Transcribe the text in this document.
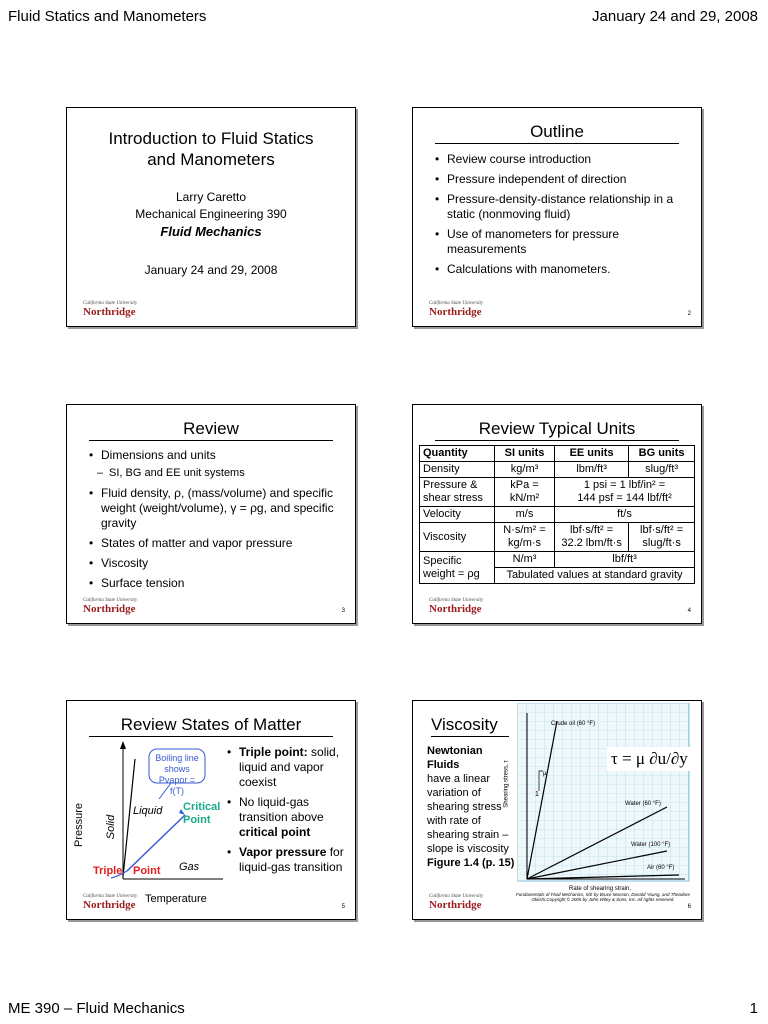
Fluid Statics and Manometers	January 24 and 29, 2008
Introduction to Fluid Statics
and Manometers
Larry Caretto
Mechanical Engineering 390
Fluid Mechanics
January 24 and 29, 2008
California State University
Northridge
Outline
• Review course introduction
• Pressure independent of direction
• Pressure-density-distance relationship in a static (nonmoving fluid)
• Use of manometers for pressure measurements
• Calculations with manometers.
California State University
Northridge	2
Review
• Dimensions and units
– SI, BG and EE unit systems
• Fluid density, ρ, (mass/volume) and specific weight (weight/volume), γ = ρg, and specific gravity
• States of matter and vapor pressure
• Viscosity
• Surface tension
California State University
Northridge	3
Review Typical Units
Quantity	SI units	EE units	BG units
Density	kg/m³	lbm/ft³	slug/ft³
Pressure & shear stress	kPa = kN/m²	1 psi = 1 lbf/in² =
144 psf = 144 lbf/ft²	

Velocity	m/s	ft/s	
Viscosity	N·s/m² = kg/m·s	lbf·s/ft² = 32.2 lbm/ft·s	lbf·s/ft² = slug/ft·s
Specific weight = ρg	N/m³	lbf/ft³	
	Tabulated values at standard gravity		
California State University
Northridge	4
Review States of Matter
Boiling line shows Pvapor = f(T)
Liquid
Solid
Critical Point
Triple Point Gas
Temperature
Pressure
• Triple point: solid, liquid and vapor coexist
• No liquid-gas transition above critical point
• Vapor pressure for liquid-gas transition
California State University
Northridge	5
Viscosity
Newtonian Fluids
have a linear variation of shearing stress with rate of shearing strain – slope is viscosity
Figure 1.4 (p. 15)
Crude oil (60 °F)
Water (60 °F)
Water (100 °F)
Air (60 °F)
Shearing stress, τ	μ
1
Rate of shearing strain,
τ = μ ∂u/∂y
Fundamentals of Fluid Mechanics, 5/E by Bruce Munson, Donald Young, and Theodore Okiishi.Copyright © 2005 by John Wiley & Sons, Inc. All rights reserved.
California State University
Northridge	6
ME 390 – Fluid Mechanics	1
